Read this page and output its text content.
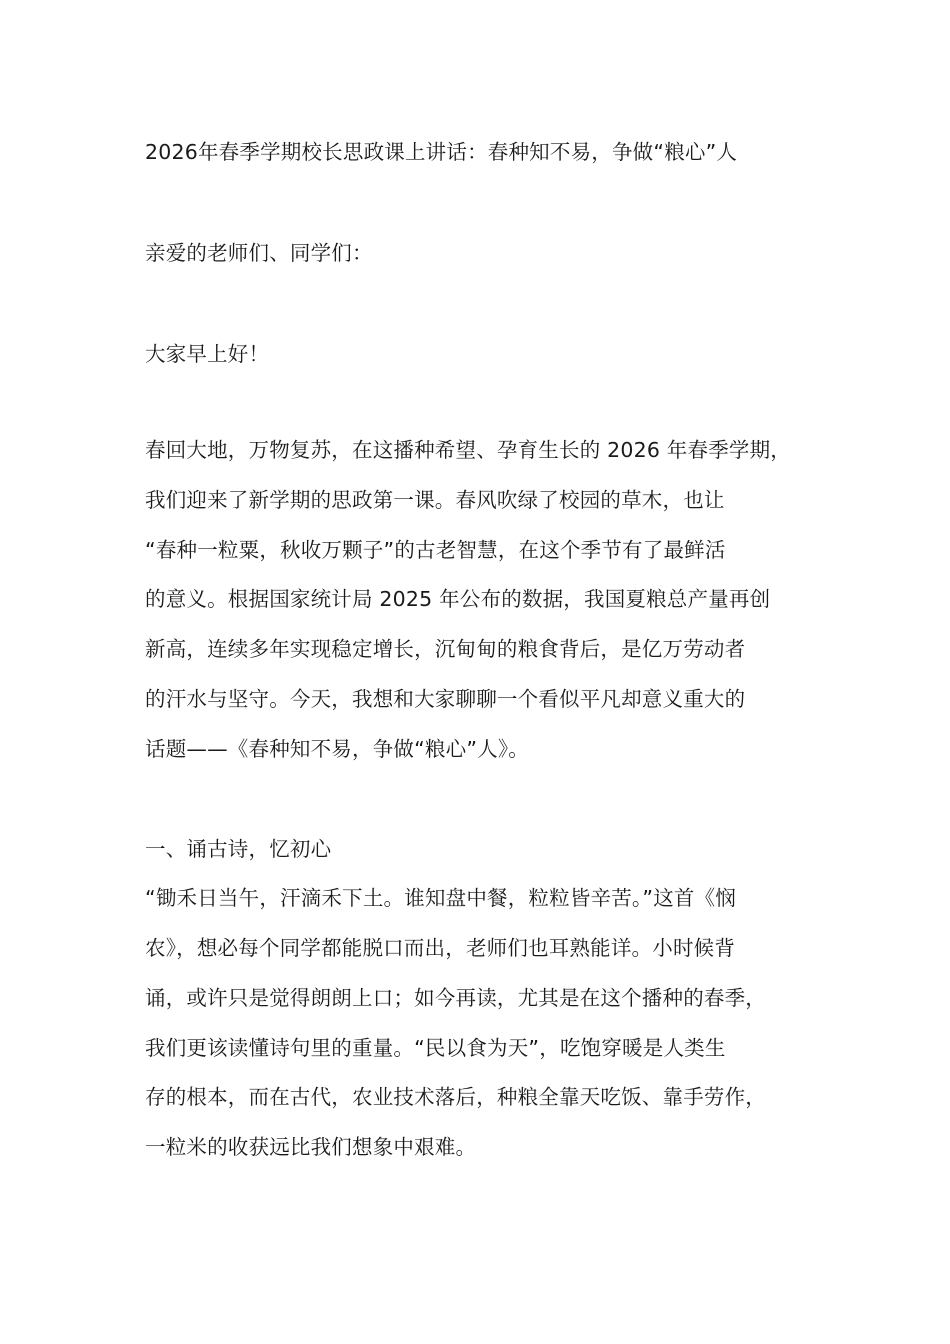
2026年春季学期校长思政课上讲话：春种知不易，争做“粮心”人
亲爱的老师们、同学们：
大家早上好！
春回大地，万物复苏，在这播种希望、孕育生长的 2026 年春季学期，
我们迎来了新学期的思政第一课。春风吹绿了校园的草木，也让
“春种一粒粟，秋收万颗子”的古老智慧，在这个季节有了最鲜活
的意义。根据国家统计局 2025 年公布的数据，我国夏粮总产量再创
新高，连续多年实现稳定增长，沉甸甸的粮食背后，是亿万劳动者
的汗水与坚守。今天，我想和大家聊聊一个看似平凡却意义重大的
话题——《春种知不易，争做“粮心”人》。
一、诵古诗，忆初心
“锄禾日当午，汗滴禾下土。谁知盘中餐，粒粒皆辛苦。”这首《悯
农》，想必每个同学都能脱口而出，老师们也耳熟能详。小时候背
诵，或许只是觉得朗朗上口；如今再读，尤其是在这个播种的春季，
我们更该读懂诗句里的重量。“民以食为天”，吃饱穿暖是人类生
存的根本，而在古代，农业技术落后，种粮全靠天吃饭、靠手劳作，
一粒米的收获远比我们想象中艰难。
